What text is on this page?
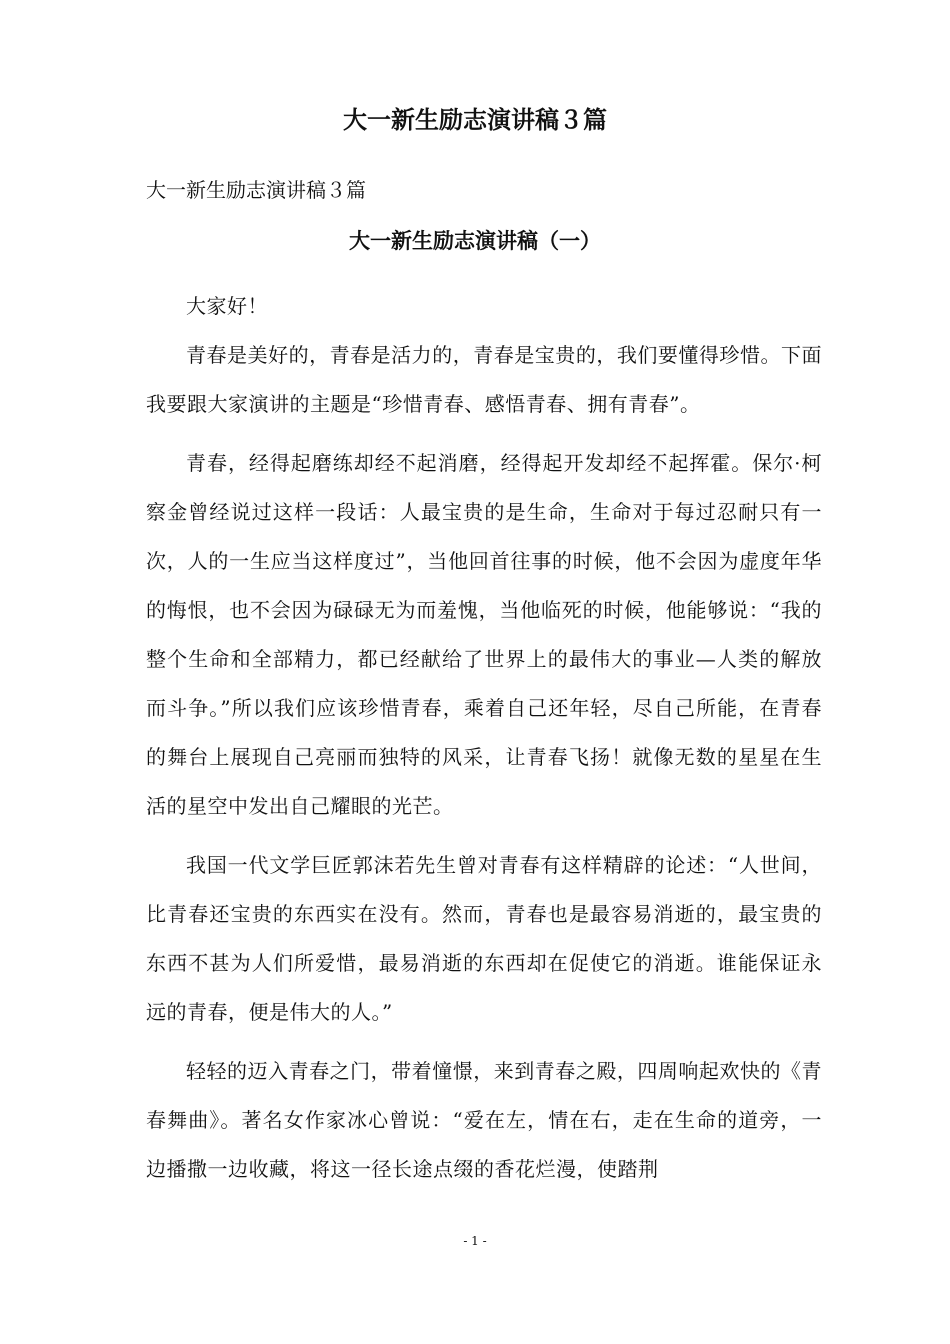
大一新生励志演讲稿３篇

大一新生励志演讲稿３篇

大一新生励志演讲稿（一）

大家好！

青春是美好的，青春是活力的，青春是宝贵的，我们要懂得珍惜。下面我要跟大家演讲的主题是“珍惜青春、感悟青春、拥有青春”。

青春，经得起磨练却经不起消磨，经得起开发却经不起挥霍。保尔·柯察金曾经说过这样一段话：人最宝贵的是生命，生命对于每过忍耐只有一次，人的一生应当这样度过”，当他回首往事的时候，他不会因为虚度年华的悔恨，也不会因为碌碌无为而羞愧，当他临死的时候，他能够说：“我的整个生命和全部精力，都已经献给了世界上的最伟大的事业—人类的解放而斗争。”所以我们应该珍惜青春，乘着自己还年轻，尽自己所能，在青春的舞台上展现自己亮丽而独特的风采，让青春飞扬！就像无数的星星在生活的星空中发出自己耀眼的光芒。

我国一代文学巨匠郭沫若先生曾对青春有这样精辟的论述：“人世间，比青春还宝贵的东西实在没有。然而，青春也是最容易消逝的，最宝贵的东西不甚为人们所爱惜，最易消逝的东西却在促使它的消逝。谁能保证永远的青春，便是伟大的人。”

轻轻的迈入青春之门，带着憧憬，来到青春之殿，四周响起欢快的《青春舞曲》。著名女作家冰心曾说：“爱在左，情在右，走在生命的道旁，一边播撒一边收藏，将这一径长途点缀的香花烂漫，使踏荆

- 1 -
